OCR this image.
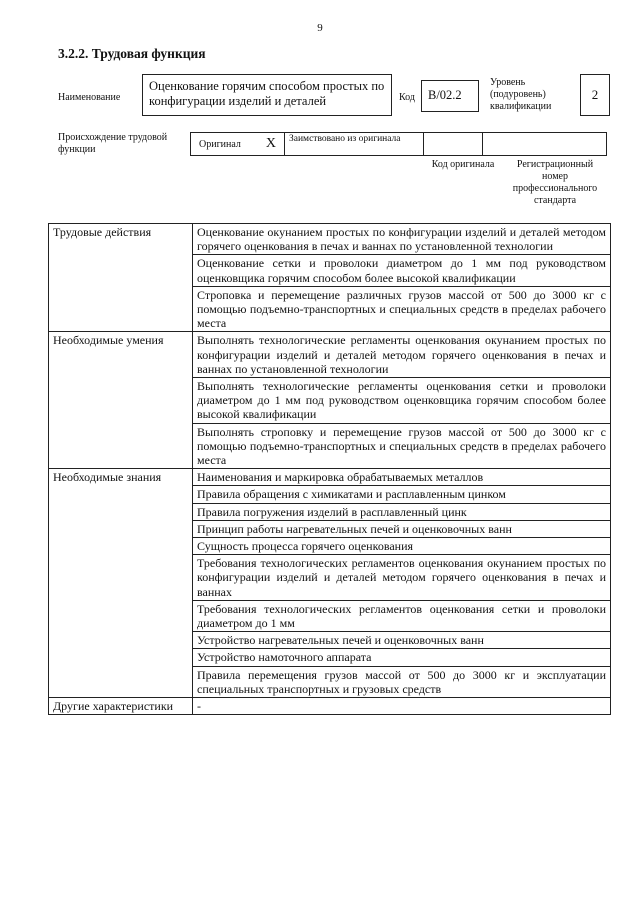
9
3.2.2. Трудовая функция
Наименование
Оценкование горячим способом простых по конфигурации изделий и деталей	Код	B/02.2
Уровень (подуровень) квалификации
2
Происхождение трудовой функции	Оригинал X	Заимствовано из оригинала
Код оригинала	Регистрационный номер профессионального стандарта
Трудовые действия	Оценкование окунанием простых по конфигурации изделий и деталей методом горячего оценкования в печах и ваннах по установленной технологии
	Оценкование сетки и проволоки диаметром до 1 мм под руководством оценковщика горячим способом более высокой квалификации
	Строповка и перемещение различных грузов массой от 500 до 3000 кг с помощью подъемно-транспортных и специальных средств в пределах рабочего места
Необходимые умения	Выполнять технологические регламенты оценкования окунанием простых по конфигурации изделий и деталей методом горячего оценкования в печах и ваннах по установленной технологии
	Выполнять технологические регламенты оценкования сетки и проволоки диаметром до 1 мм под руководством оценковщика горячим способом более высокой квалификации
	Выполнять строповку и перемещение грузов массой от 500 до 3000 кг с помощью подъемно-транспортных и специальных средств в пределах рабочего места
Необходимые знания	Наименования и маркировка обрабатываемых металлов
	Правила обращения с химикатами и расплавленным цинком
	Правила погружения изделий в расплавленный цинк
	Принцип работы нагревательных печей и оценковочных ванн
	Сущность процесса горячего оценкования
	Требования технологических регламентов оценкования окунанием простых по конфигурации изделий и деталей методом горячего оценкования в печах и ваннах
	Требования технологических регламентов оценкования сетки и проволоки диаметром до 1 мм
	Устройство нагревательных печей и оценковочных ванн
	Устройство намоточного аппарата
	Правила перемещения грузов массой от 500 до 3000 кг и эксплуатации специальных транспортных и грузовых средств
Другие характеристики	-
